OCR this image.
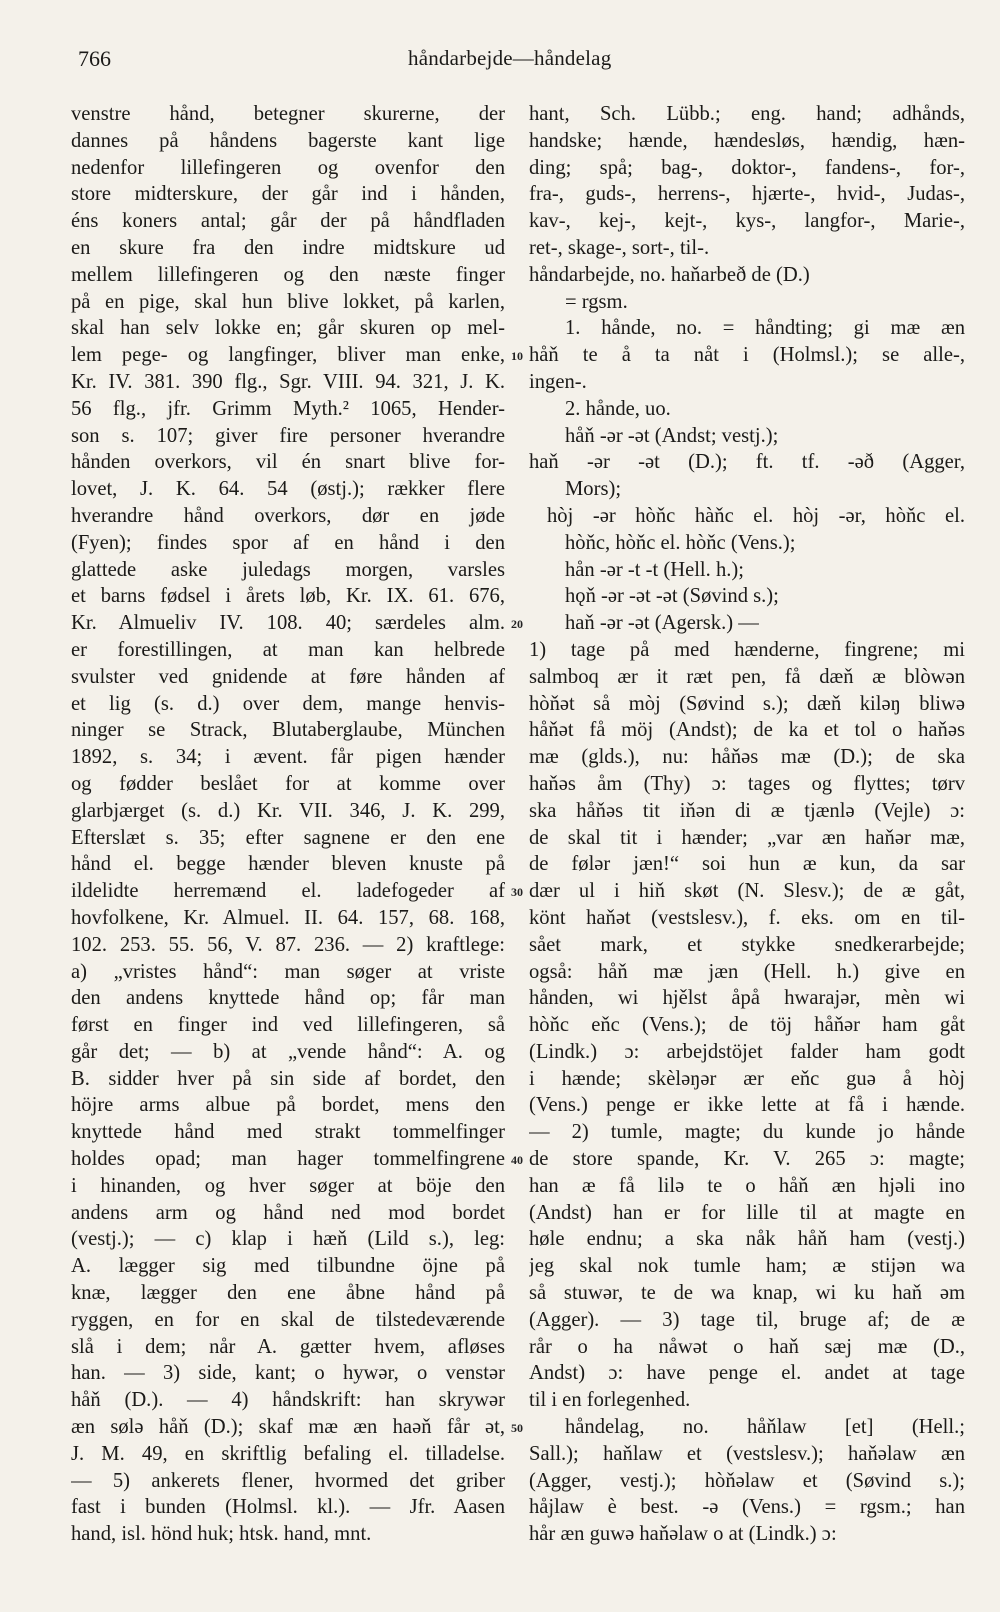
766	håndarbejde—håndelag
venstre hånd, betegner skurerne, der
dannes på håndens bagerste kant lige
nedenfor lillefingeren og ovenfor den
store midterskure, der går ind i hånden,
éns koners antal; går der på håndfladen
en skure fra den indre midtskure ud
mellem lillefingeren og den næste finger
på en pige, skal hun blive lokket, på karlen,
skal han selv lokke en; går skuren op mel-
lem pege- og langfinger, bliver man enke,
Kr. IV. 381. 390 flg., Sgr. VIII. 94. 321, J. K.
56 flg., jfr. Grimm Myth.² 1065, Hender-
son s. 107; giver fire personer hverandre
hånden overkors, vil én snart blive for-
lovet, J. K. 64. 54 (østj.); rækker flere
hverandre hånd overkors, dør en jøde
(Fyen); findes spor af en hånd i den
glattede aske juledags morgen, varsles
et barns fødsel i årets løb, Kr. IX. 61. 676,
Kr. Almueliv IV. 108. 40; særdeles alm.
er forestillingen, at man kan helbrede
svulster ved gnidende at føre hånden af
et lig (s. d.) over dem, mange henvis-
ninger se Strack, Blutaberglaube, München
1892, s. 34; i ævent. får pigen hænder
og fødder beslået for at komme over
glarbjærget (s. d.) Kr. VII. 346, J. K. 299,
Efterslæt s. 35; efter sagnene er den ene
hånd el. begge hænder bleven knuste på
ildelidte herremænd el. ladefogeder af
hovfolkene, Kr. Almuel. II. 64. 157, 68. 168,
102. 253. 55. 56, V. 87. 236. — 2) kraftlege:
a) „vristes hånd“: man søger at vriste
den andens knyttede hånd op; får man
først en finger ind ved lillefingeren, så
går det; — b) at „vende hånd“: A. og
B. sidder hver på sin side af bordet, den
höjre arms albue på bordet, mens den
knyttede hånd med strakt tommelfinger
holdes opad; man hager tommelfingrene
i hinanden, og hver søger at böje den
andens arm og hånd ned mod bordet
(vestj.); — c) klap i hæň (Lild s.), leg:
A. lægger sig med tilbundne öjne på
knæ, lægger den ene åbne hånd på
ryggen, en for en skal de tilstedeværende
slå i dem; når A. gætter hvem, afløses
han. — 3) side, kant; o hywər, o venstər
håň (D.). — 4) håndskrift: han skrywər
æn sølə håň (D.); skaf mæ æn haəň får ət,
J. M. 49, en skriftlig befaling el. tilladelse.
— 5) ankerets flener, hvormed det griber
fast i bunden (Holmsl. kl.). — Jfr. Aasen
hand, isl. hönd huk; htsk. hand, mnt.
hant, Sch. Lübb.; eng. hand; adhånds,
handske; hænde, hændesløs, hændig, hæn-
ding; spå; bag-, doktor-, fandens-, for-,
fra-, guds-, herrens-, hjærte-, hvid-, Judas-,
kav-, kej-, kejt-, kys-, langfor-, Marie-,
ret-, skage-, sort-, til-.
håndarbejde, no. haňarbeð de (D.)
= rgsm.
1. hånde, no. = håndting; gi mæ æn
håň te å ta nåt i (Holmsl.); se alle-,
ingen-.
2. hånde, uo.
håň -ər -ət (Andst; vestj.);
haň -ər -ət (D.); ft. tf. -əð (Agger,
Mors);
hòj -ər hòňc hàňc el. hòj -ər, hòňc el.
hòňc, hòňc el. hòňc (Vens.);
hån -ər -t -t (Hell. h.);
hǫň -ər -ət -ət (Søvind s.);
haň -ər -ət (Agersk.) —
1) tage på med hænderne, fingrene; mi
salmboq ær it ræt pen, få dæň æ blòwən
hòňət så mòj (Søvind s.); dæň kiləŋ bliwə
håňət få möj (Andst); de ka et tol o haňəs
mæ (glds.), nu: håňəs mæ (D.); de ska
haňəs åm (Thy) ɔ: tages og flyttes; tørv
ska håňəs tit iňən di æ tjænlə (Vejle) ɔ:
de skal tit i hænder; „var æn haňər mæ,
de følər jæn!“ soi hun æ kun, da sar
dær ul i hiň skøt (N. Slesv.); de æ gåt,
könt haňət (vestslesv.), f. eks. om en til-
sået mark, et stykke snedkerarbejde;
også: håň mæ jæn (Hell. h.) give en
hånden, wi hjělst åpå hwarajər, mèn wi
hòňc eňc (Vens.); de töj håňər ham gåt
(Lindk.) ɔ: arbejdstöjet falder ham godt
i hænde; skèləŋər ær eňc guə å hòj
(Vens.) penge er ikke lette at få i hænde.
— 2) tumle, magte; du kunde jo hånde
de store spande, Kr. V. 265 ɔ: magte;
han æ få lilə te o håň æn hjəli ino
(Andst) han er for lille til at magte en
høle endnu; a ska nåk håň ham (vestj.)
jeg skal nok tumle ham; æ stijən wa
så stuwər, te de wa knap, wi ku haň əm
(Agger). — 3) tage til, bruge af; de æ
rår o ha nåwət o haň sæj mæ (D.,
Andst) ɔ: have penge el. andet at tage
til i en forlegenhed.
håndelag, no. håňlaw [et] (Hell.;
Sall.); haňlaw et (vestslesv.); haňəlaw æn
(Agger, vestj.); hòňəlaw et (Søvind s.);
håjlaw è best. -ə (Vens.) = rgsm.; han
hår æn guwə haňəlaw o at (Lindk.) ɔ:
10
20
30
40
50
